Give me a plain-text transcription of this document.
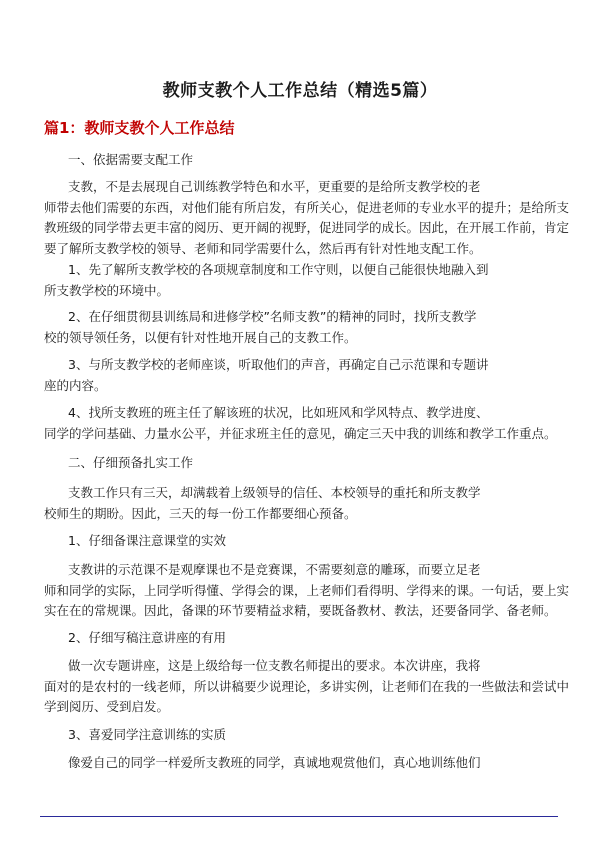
教师支教个人工作总结（精选5篇）
篇1：教师支教个人工作总结
一、依据需要支配工作
支教，不是去展现自己训练教学特色和水平，更重要的是给所支教学校的老
师带去他们需要的东西，对他们能有所启发，有所关心，促进老师的专业水平的提升；是给所支
教班级的同学带去更丰富的阅历、更开阔的视野，促进同学的成长。因此，在开展工作前，肯定
要了解所支教学校的领导、老师和同学需要什么，然后再有针对性地支配工作。
1、先了解所支教学校的各项规章制度和工作守则，以便自己能很快地融入到
所支教学校的环境中。
2、在仔细贯彻县训练局和进修学校”名师支教”的精神的同时，找所支教学
校的领导领任务，以便有针对性地开展自己的支教工作。
3、与所支教学校的老师座谈，听取他们的声音，再确定自己示范课和专题讲
座的内容。
4、找所支教班的班主任了解该班的状况，比如班风和学风特点、教学进度、
同学的学问基础、力量水公平，并征求班主任的意见，确定三天中我的训练和教学工作重点。
二、仔细预备扎实工作
支教工作只有三天，却满载着上级领导的信任、本校领导的重托和所支教学
校师生的期盼。因此，三天的每一份工作都要细心预备。
1、仔细备课注意课堂的实效
支教讲的示范课不是观摩课也不是竞赛课，不需要刻意的雕琢，而要立足老
师和同学的实际，上同学听得懂、学得会的课，上老师们看得明、学得来的课。一句话，要上实
实在在的常规课。因此，备课的环节要精益求精，要既备教材、教法，还要备同学、备老师。
2、仔细写稿注意讲座的有用
做一次专题讲座，这是上级给每一位支教名师提出的要求。本次讲座，我将
面对的是农村的一线老师，所以讲稿要少说理论，多讲实例，让老师们在我的一些做法和尝试中
学到阅历、受到启发。
3、喜爱同学注意训练的实质
像爱自己的同学一样爱所支教班的同学，真诚地观赏他们，真心地训练他们
